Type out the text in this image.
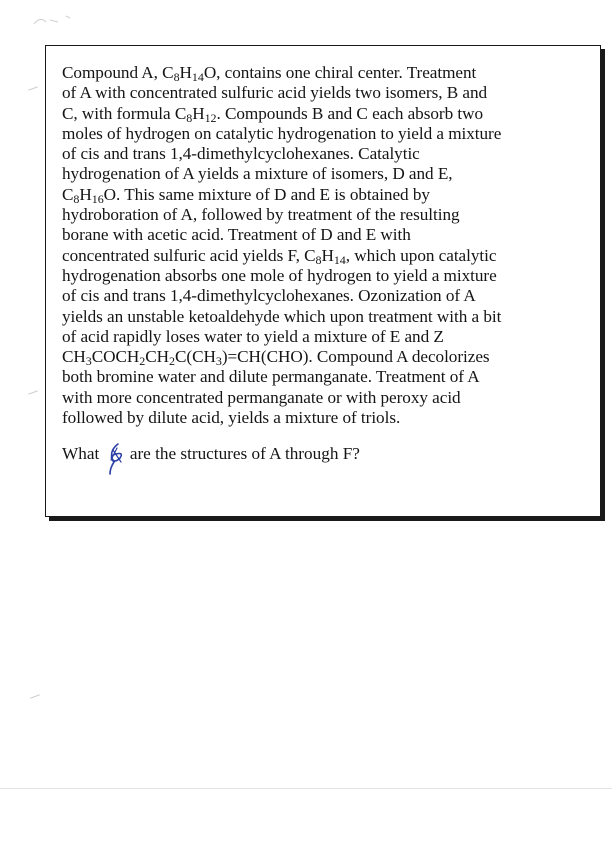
Compound A, $C_8H_{14}O$, contains one chiral center. Treatment
of A with concentrated sulfuric acid yields two isomers, B and
C, with formula $C_8H_{12}$. Compounds B and C each absorb two
moles of hydrogen on catalytic hydrogenation to yield a mixture
of cis and trans 1,4-dimethylcyclohexanes. Catalytic
hydrogenation of A yields a mixture of isomers, D and E,
$C_8H_{16}O$. This same mixture of D and E is obtained by
hydroboration of A, followed by treatment of the resulting
borane with acetic acid. Treatment of D and E with
concentrated sulfuric acid yields F, $C_8H_{14}$, which upon catalytic
hydrogenation absorbs one mole of hydrogen to yield a mixture
of cis and trans 1,4-dimethylcyclohexanes. Ozonization of A
yields an unstable ketoaldehyde which upon treatment with a bit
of acid rapidly loses water to yield a mixture of E and Z
$CH_3COCH_2CH_2C(CH_3)=CH(CHO)$. Compound A decolorizes
both bromine water and dilute permanganate. Treatment of A
with more concentrated permanganate or with peroxy acid
followed by dilute acid, yields a mixture of triols.
What are the structures of A through F?
